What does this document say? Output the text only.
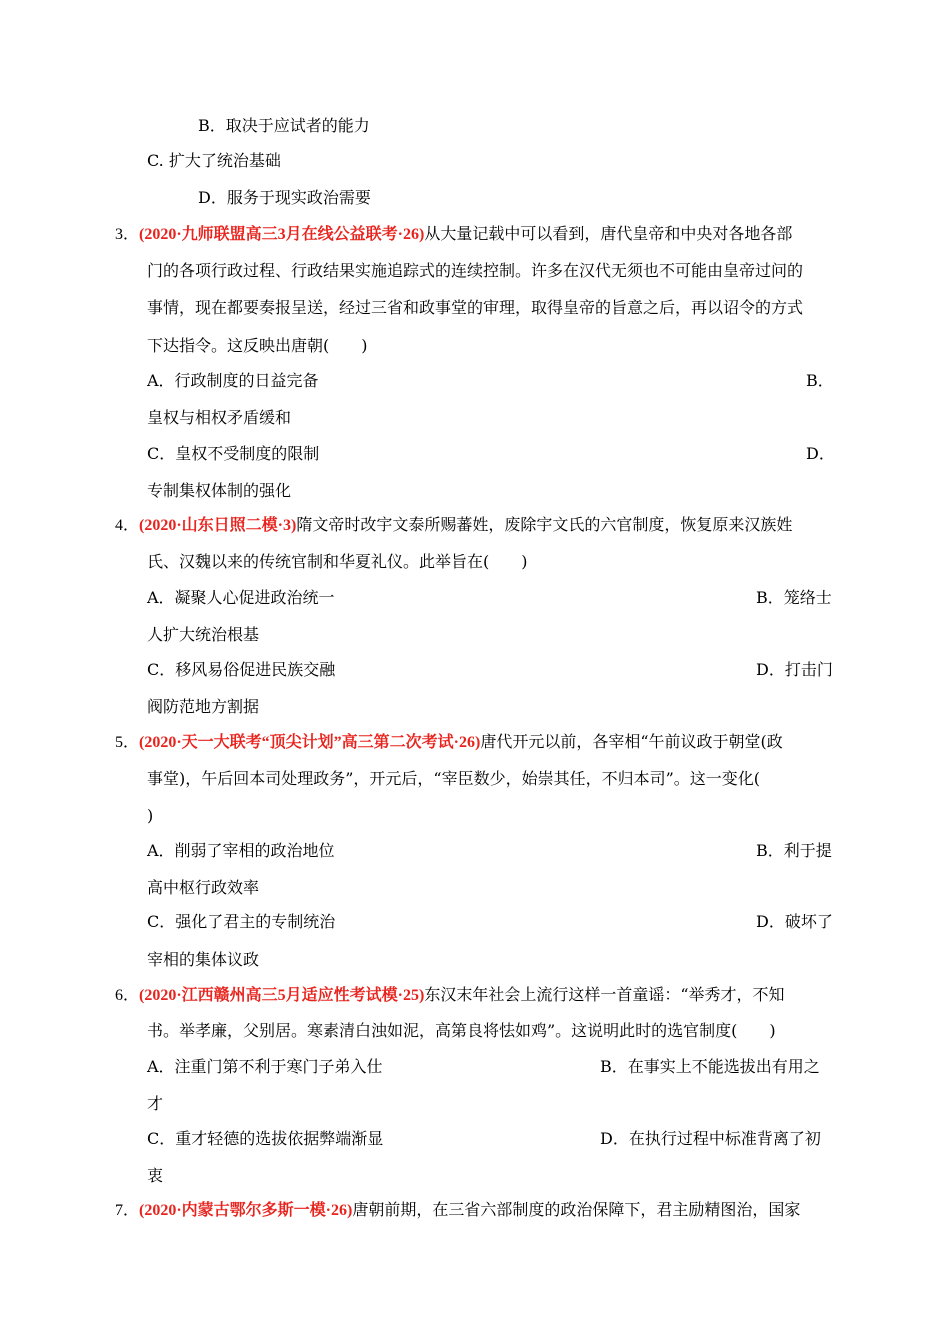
B．取决于应试者的能力
C. 扩大了统治基础
D．服务于现实政治需要
3．(2020·九师联盟高三3月在线公益联考·26)从大量记载中可以看到，唐代皇帝和中央对各地各部
门的各项行政过程、行政结果实施追踪式的连续控制。许多在汉代无须也不可能由皇帝过问的
事情，现在都要奏报呈送，经过三省和政事堂的审理，取得皇帝的旨意之后，再以诏令的方式
下达指令。这反映出唐朝(　　)
A．行政制度的日益完备	B．
皇权与相权矛盾缓和
C．皇权不受制度的限制	D．
专制集权体制的强化
4．(2020·山东日照二模·3)隋文帝时改宇文泰所赐蕃姓，废除宇文氏的六官制度，恢复原来汉族姓
氏、汉魏以来的传统官制和华夏礼仪。此举旨在(　　)
A．凝聚人心促进政治统一	B．笼络士
人扩大统治根基
C．移风易俗促进民族交融	D．打击门
阀防范地方割据
5．(2020·天一大联考“顶尖计划”高三第二次考试·26)唐代开元以前，各宰相“午前议政于朝堂(政
事堂)，午后回本司处理政务”，开元后，“宰臣数少，始崇其任，不归本司”。这一变化(
)
A．削弱了宰相的政治地位	B．利于提
高中枢行政效率
C．强化了君主的专制统治	D．破坏了
宰相的集体议政
6．(2020·江西赣州高三5月适应性考试模·25)东汉末年社会上流行这样一首童谣：“举秀才，不知
书。举孝廉，父别居。寒素清白浊如泥，高第良将怯如鸡”。这说明此时的选官制度(　　)
A．注重门第不利于寒门子弟入仕	B．在事实上不能选拔出有用之
才
C．重才轻德的选拔依据弊端渐显	D．在执行过程中标准背离了初
衷
7．(2020·内蒙古鄂尔多斯一模·26)唐朝前期，在三省六部制度的政治保障下，君主励精图治，国家
